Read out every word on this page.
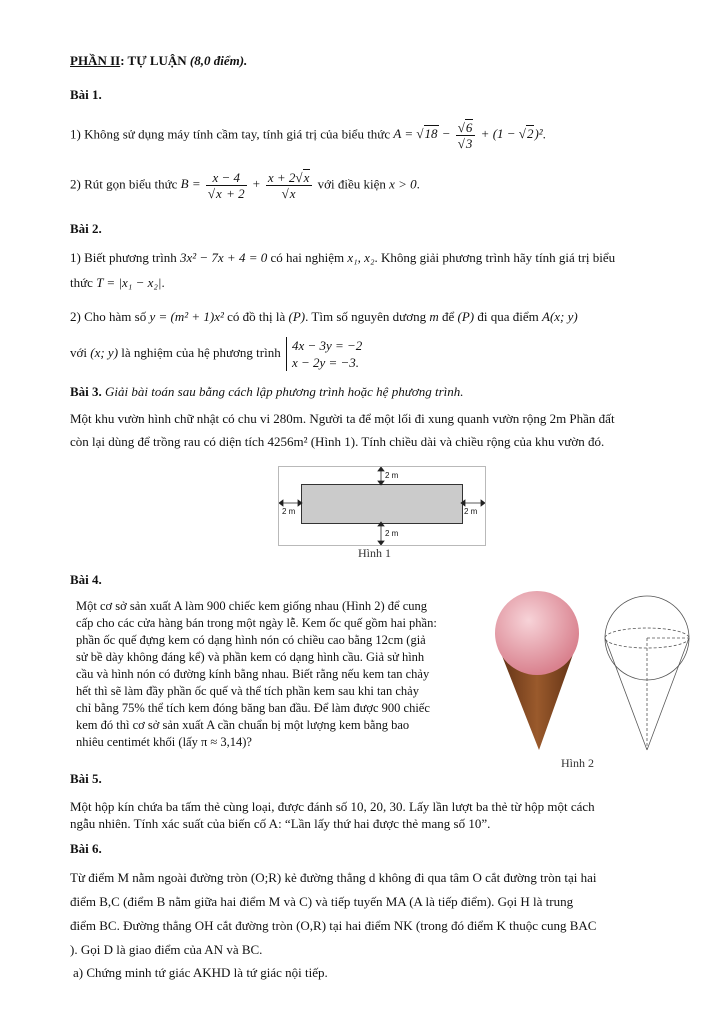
PHẦN II: TỰ LUẬN (8,0 điểm).
Bài 1.
1) Không sử dụng máy tính cầm tay, tính giá trị của biểu thức $A = √18 - \frac{√6}{√3} + (1 - √2)^2$.
2) Rút gọn biểu thức $B = \frac{x - 4}{√x + 2} + \frac{x + 2√x}{√x}$ với điều kiện x > 0.
Bài 2.
1) Biết phương trình 3x² − 7x + 4 = 0 có hai nghiệm x₁, x₂. Không giải phương trình hãy tính giá trị biểu
thức T = |x₁ − x₂|.
2) Cho hàm số y = (m² + 1)x² có đồ thị là (P). Tìm số nguyên dương m để (P) đi qua điểm A(x; y)
với (x; y) là nghiệm của hệ phương trình 4x − 3y = −2
x − 2y = −3.
Bài 3. Giải bài toán sau bằng cách lập phương trình hoặc hệ phương trình.
Một khu vườn hình chữ nhật có chu vi 280m. Người ta để một lối đi xung quanh vườn rộng 2m Phần đất
còn lại dùng để trồng rau có diện tích 4256m² (Hình 1). Tính chiều dài và chiều rộng của khu vườn đó.
2 m
2 m
2 m	2 m
Hình 1
Bài 4.
Một cơ sở sản xuất A làm 900 chiếc kem giống nhau (Hình 2) để cung
cấp cho các cửa hàng bán trong một ngày lễ. Kem ốc quế gồm hai phần:
phần ốc quế đựng kem có dạng hình nón có chiều cao bằng 12cm (giả
sử bề dày không đáng kể) và phần kem có dạng hình cầu. Giả sử hình
cầu và hình nón có đường kính bằng nhau. Biết rằng nếu kem tan chảy
hết thì sẽ làm đầy phần ốc quế và thể tích phần kem sau khi tan chảy
chỉ bằng 75% thể tích kem đóng băng ban đầu. Để làm được 900 chiếc
kem đó thì cơ sở sản xuất A cần chuẩn bị một lượng kem bằng bao
nhiêu centimét khối (lấy π ≈ 3,14)?
Hình 2
Bài 5.
Một hộp kín chứa ba tấm thẻ cùng loại, được đánh số 10, 20, 30. Lấy lần lượt ba thẻ từ hộp một cách
ngẫu nhiên. Tính xác suất của biến cố A: “Lần lấy thứ hai được thẻ mang số 10”.
Bài 6.
Từ điểm M nằm ngoài đường tròn (O;R) kẻ đường thẳng d không đi qua tâm O cắt đường tròn tại hai
điểm B,C (điểm B nằm giữa hai điểm M và C) và tiếp tuyến MA (A là tiếp điểm). Gọi H là trung
điểm BC. Đường thẳng OH cắt đường tròn (O,R) tại hai điểm NK (trong đó điểm K thuộc cung BAC
). Gọi D là giao điểm của AN và BC.
a) Chứng minh tứ giác AKHD là tứ giác nội tiếp.
